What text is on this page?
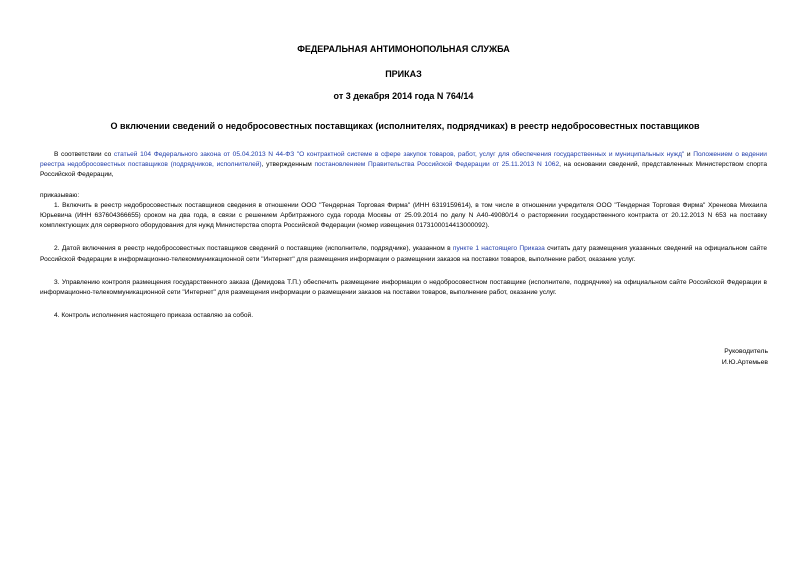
ФЕДЕРАЛЬНАЯ АНТИМОНОПОЛЬНАЯ СЛУЖБА
ПРИКАЗ
от 3 декабря 2014 года N 764/14
О включении сведений о недобросовестных поставщиках (исполнителях, подрядчиках) в реестр недобросовестных поставщиков

В соответствии со статьей 104 Федерального закона от 05.04.2013 N 44-ФЗ "О контрактной системе в сфере закупок товаров, работ, услуг для обеспечения государственных и муниципальных нужд" и Положением о ведении реестра недобросовестных поставщиков (подрядчиков, исполнителей), утвержденным постановлением Правительства Российской Федерации от 25.11.2013 N 1062, на основании сведений, представленных Министерством спорта Российской Федерации,

приказываю:

1. Включить в реестр недобросовестных поставщиков сведения в отношении ООО "Тендерная Торговая Фирма" (ИНН 6319159614), в том числе в отношении учредителя ООО "Тендерная Торговая Фирма" Хренкова Михаила Юрьевича (ИНН 637604366655) сроком на два года, в связи с решением Арбитражного суда города Москвы от 25.09.2014 по делу N А40-49080/14 о расторжении государственного контракта от 20.12.2013 N 653 на поставку комплектующих для серверного оборудования для нужд Министерства спорта Российской Федерации (номер извещения 0173100014413000092).

2. Датой включения в реестр недобросовестных поставщиков сведений о поставщике (исполнителе, подрядчике), указанном в пункте 1 настоящего Приказа считать дату размещения указанных сведений на официальном сайте Российской Федерации в информационно-телекоммуникационной сети "Интернет" для размещения информации о размещении заказов на поставки товаров, выполнение работ, оказание услуг.

3. Управлению контроля размещения государственного заказа (Демидова Т.П.) обеспечить размещение информации о недобросовестном поставщике (исполнителе, подрядчике) на официальном сайте Российской Федерации в информационно-телекоммуникационной сети "Интернет" для размещения информации о размещении заказов на поставки товаров, выполнение работ, оказание услуг.

4. Контроль исполнения настоящего приказа оставляю за собой.

Руководитель
И.Ю.Артемьев
